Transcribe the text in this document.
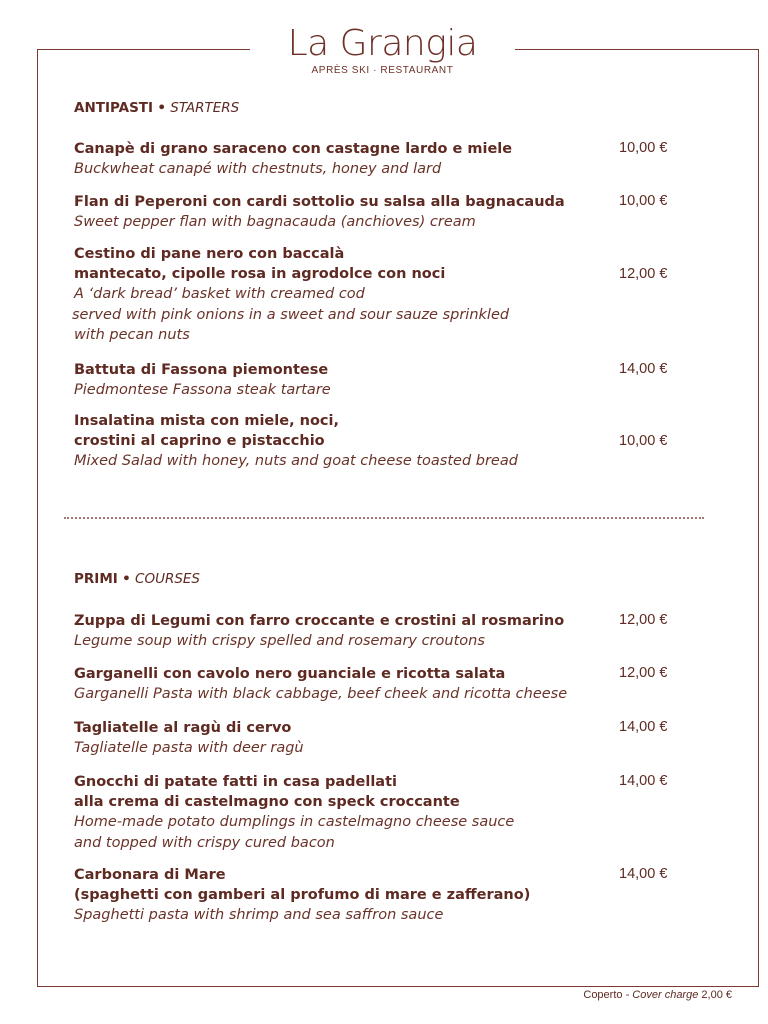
La Grangia
APRÈS SKI · RESTAURANT
ANTIPASTI • STARTERS
Canapè di grano saraceno con castagne lardo e miele
Buckwheat canapé with chestnuts, honey and lard
10,00 €
Flan di Peperoni con cardi sottolio su salsa alla bagnacauda
Sweet pepper flan with bagnacauda (anchioves) cream
10,00 €
Cestino di pane nero con baccalà
mantecato, cipolle rosa in agrodolce con noci
A ‘dark bread’ basket with creamed cod
served with pink onions in a sweet and sour sauze sprinkled
with pecan nuts
12,00 €
Battuta di Fassona piemontese
Piedmontese Fassona steak tartare
14,00 €
Insalatina mista con miele, noci,
crostini al caprino e pistacchio
Mixed Salad with honey, nuts and goat cheese toasted bread
10,00 €
PRIMI • COURSES
Zuppa di Legumi con farro croccante e crostini al rosmarino
Legume soup with crispy spelled and rosemary croutons
12,00 €
Garganelli con cavolo nero guanciale e ricotta salata
Garganelli Pasta with black cabbage, beef cheek and ricotta cheese
12,00 €
Tagliatelle al ragù di cervo
Tagliatelle pasta with deer ragù
14,00 €
Gnocchi di patate fatti in casa padellati
alla crema di castelmagno con speck croccante
Home-made potato dumplings in castelmagno cheese sauce
and topped with crispy cured bacon
14,00 €
Carbonara di Mare
(spaghetti con gamberi al profumo di mare e zafferano)
Spaghetti pasta with shrimp and sea saffron sauce
14,00 €
Coperto - Cover charge 2,00 €
